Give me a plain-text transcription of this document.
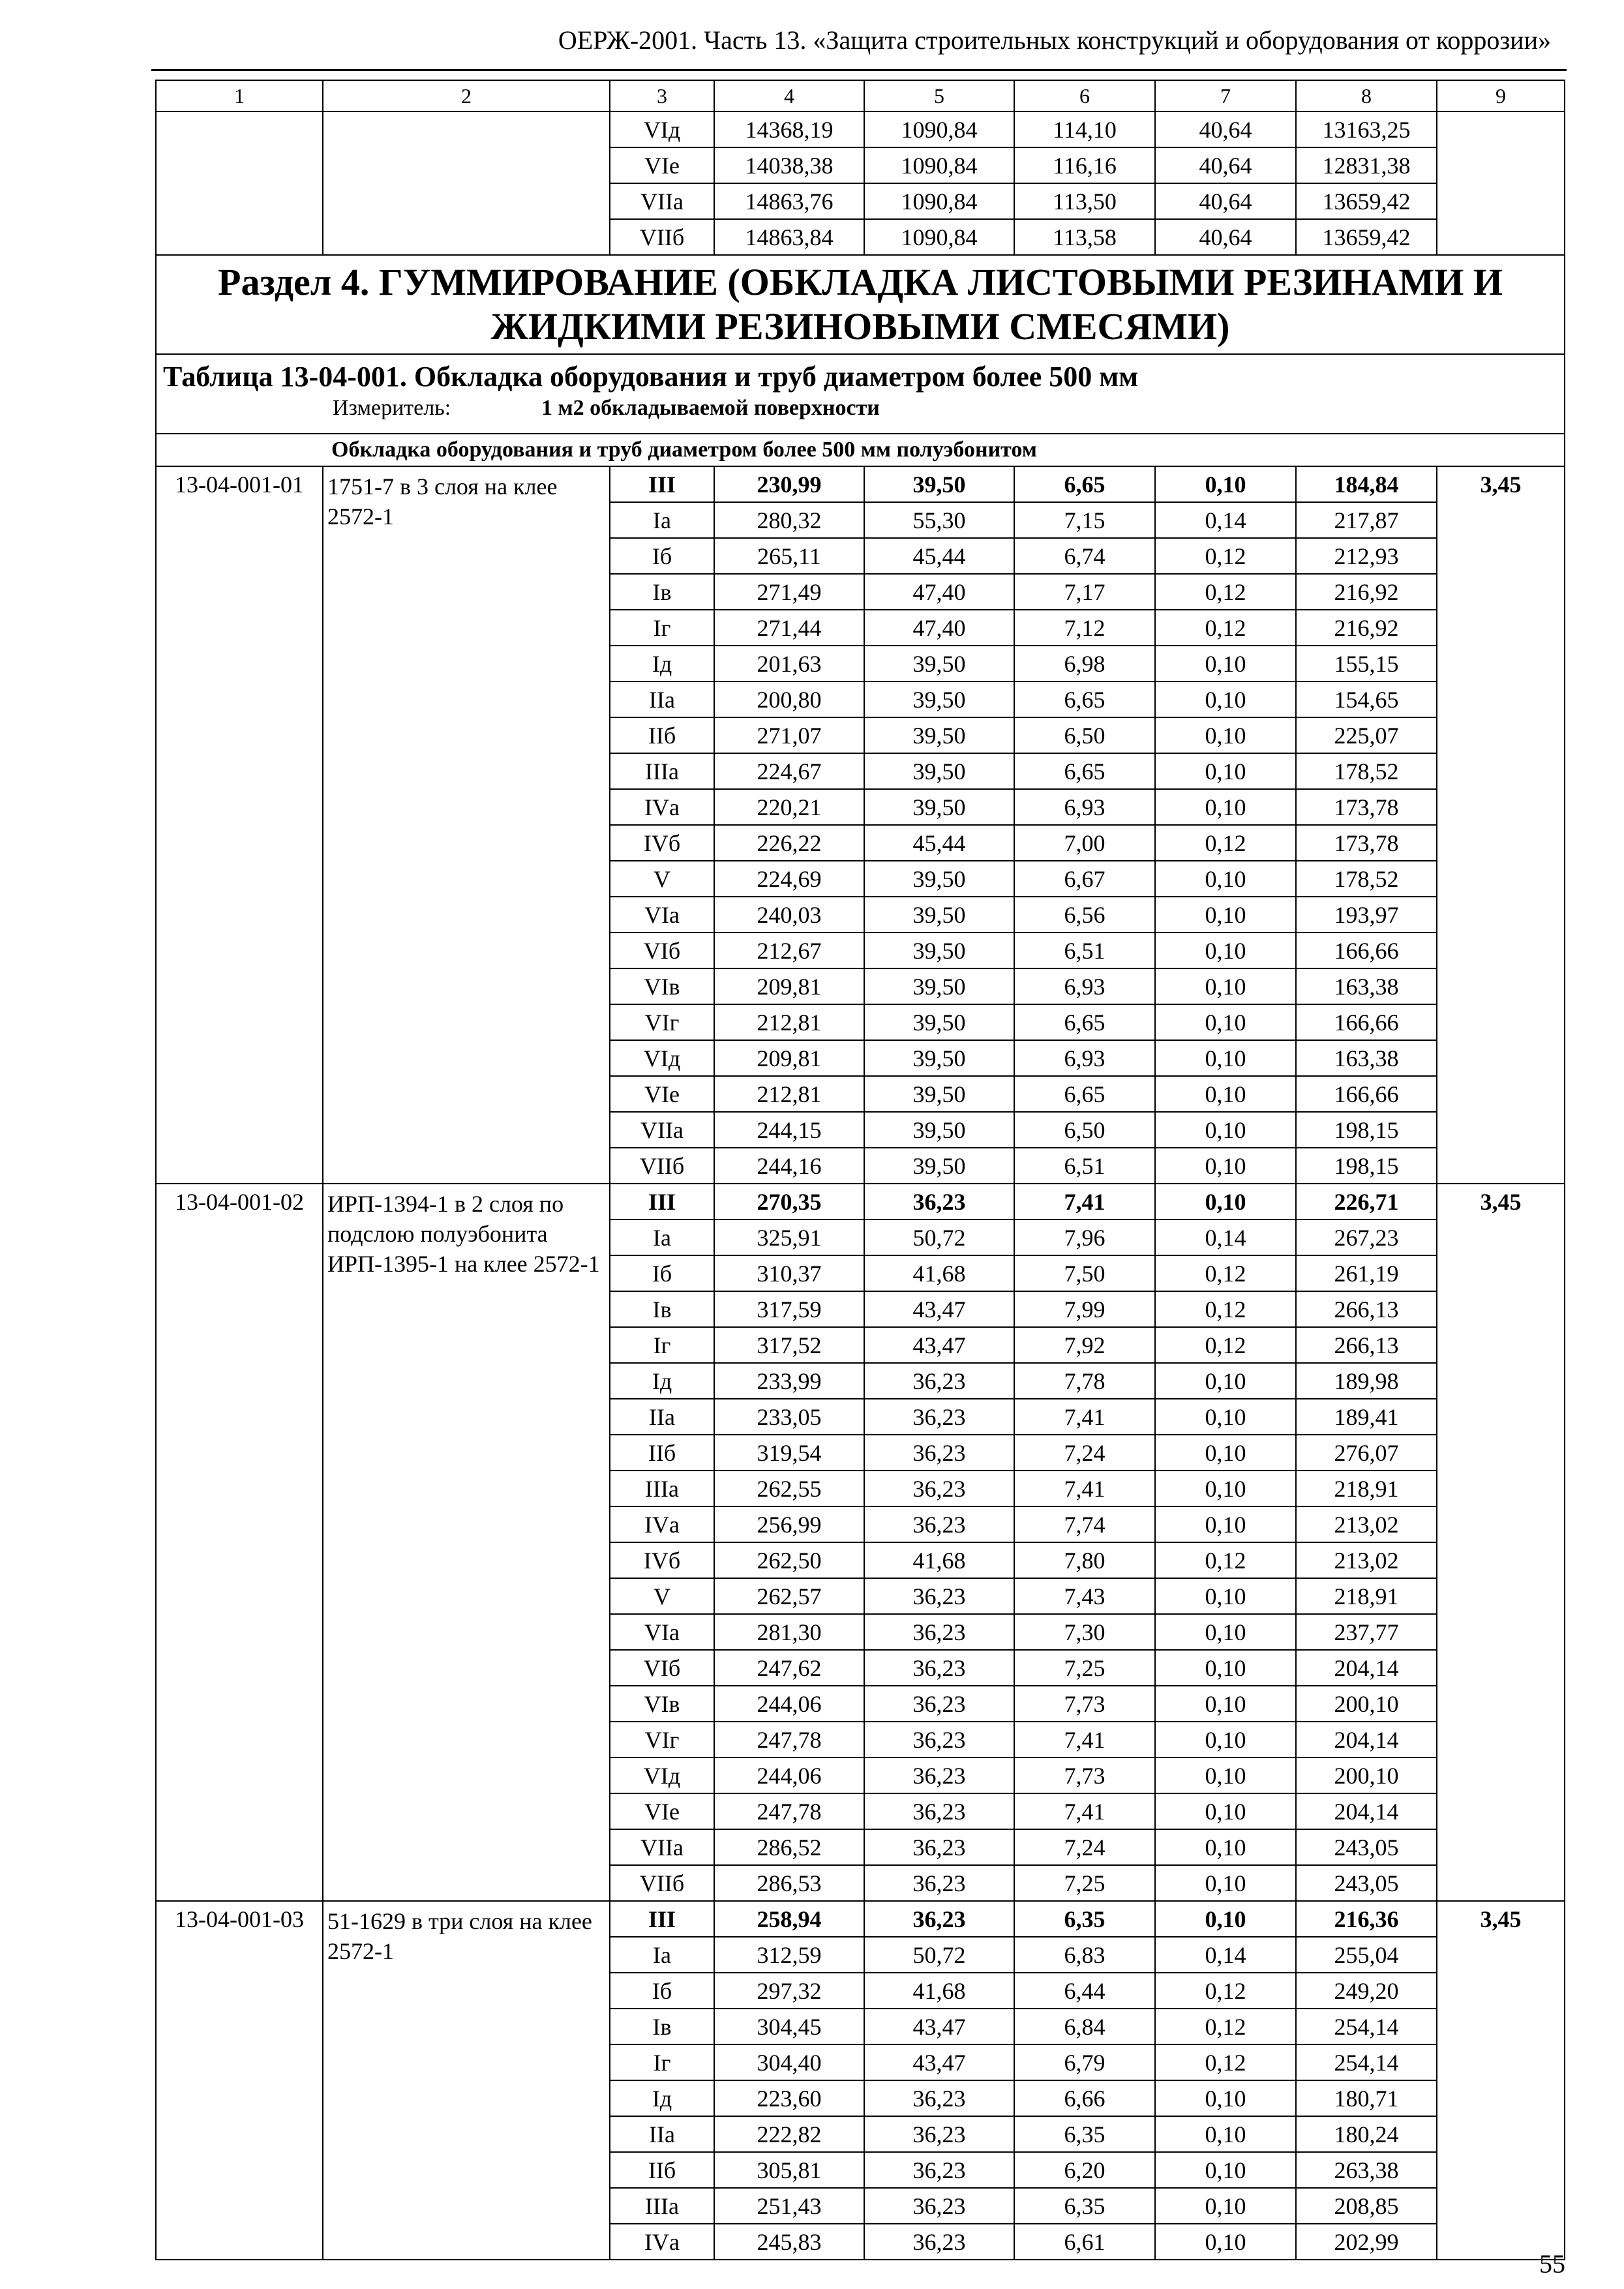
ОЕРЖ-2001. Часть 13. «Защита строительных конструкций и оборудования от коррозии»
1	2	3	4	5	6	7	8	9
		VIд	14368,19	1090,84	114,10	40,64	13163,25	
		VIе	14038,38	1090,84	116,16	40,64	12831,38	
		VIIа	14863,76	1090,84	113,50	40,64	13659,42	
		VIIб	14863,84	1090,84	113,58	40,64	13659,42	
Раздел 4. ГУММИРОВАНИЕ (ОБКЛАДКА ЛИСТОВЫМИ РЕЗИНАМИ И ЖИДКИМИ РЕЗИНОВЫМИ СМЕСЯМИ)								

Таблица 13-04-001. Обкладка оборудования и труб диаметром более 500 мм
Измеритель: 1 м2 обкладываемой поверхности								

Обкладка оборудования и труб диаметром более 500 мм полуэбонитом								
13-04-001-01	1751-7 в 3 слоя на клее 2572-1	III	230,99	39,50	6,65	0,10	184,84	3,45
		Iа	280,32	55,30	7,15	0,14	217,87	
		Iб	265,11	45,44	6,74	0,12	212,93	
		Iв	271,49	47,40	7,17	0,12	216,92	
		Iг	271,44	47,40	7,12	0,12	216,92	
		Iд	201,63	39,50	6,98	0,10	155,15	
		IIа	200,80	39,50	6,65	0,10	154,65	
		IIб	271,07	39,50	6,50	0,10	225,07	
		IIIа	224,67	39,50	6,65	0,10	178,52	
		IVа	220,21	39,50	6,93	0,10	173,78	
		IVб	226,22	45,44	7,00	0,12	173,78	
		V	224,69	39,50	6,67	0,10	178,52	
		VIа	240,03	39,50	6,56	0,10	193,97	
		VIб	212,67	39,50	6,51	0,10	166,66	
		VIв	209,81	39,50	6,93	0,10	163,38	
		VIг	212,81	39,50	6,65	0,10	166,66	
		VIд	209,81	39,50	6,93	0,10	163,38	
		VIе	212,81	39,50	6,65	0,10	166,66	
		VIIа	244,15	39,50	6,50	0,10	198,15	
		VIIб	244,16	39,50	6,51	0,10	198,15	
13-04-001-02	ИРП-1394-1 в 2 слоя по подслою полуэбонита ИРП-1395-1 на клее 2572-1	III	270,35	36,23	7,41	0,10	226,71	3,45
		Iа	325,91	50,72	7,96	0,14	267,23	
		Iб	310,37	41,68	7,50	0,12	261,19	
		Iв	317,59	43,47	7,99	0,12	266,13	
		Iг	317,52	43,47	7,92	0,12	266,13	
		Iд	233,99	36,23	7,78	0,10	189,98	
		IIа	233,05	36,23	7,41	0,10	189,41	
		IIб	319,54	36,23	7,24	0,10	276,07	
		IIIа	262,55	36,23	7,41	0,10	218,91	
		IVа	256,99	36,23	7,74	0,10	213,02	
		IVб	262,50	41,68	7,80	0,12	213,02	
		V	262,57	36,23	7,43	0,10	218,91	
		VIа	281,30	36,23	7,30	0,10	237,77	
		VIб	247,62	36,23	7,25	0,10	204,14	
		VIв	244,06	36,23	7,73	0,10	200,10	
		VIг	247,78	36,23	7,41	0,10	204,14	
		VIд	244,06	36,23	7,73	0,10	200,10	
		VIе	247,78	36,23	7,41	0,10	204,14	
		VIIа	286,52	36,23	7,24	0,10	243,05	
		VIIб	286,53	36,23	7,25	0,10	243,05	
13-04-001-03	51-1629 в три слоя на клее 2572-1	III	258,94	36,23	6,35	0,10	216,36	3,45
		Iа	312,59	50,72	6,83	0,14	255,04	
		Iб	297,32	41,68	6,44	0,12	249,20	
		Iв	304,45	43,47	6,84	0,12	254,14	
		Iг	304,40	43,47	6,79	0,12	254,14	
		Iд	223,60	36,23	6,66	0,10	180,71	
		IIа	222,82	36,23	6,35	0,10	180,24	
		IIб	305,81	36,23	6,20	0,10	263,38	
		IIIа	251,43	36,23	6,35	0,10	208,85	
		IVа	245,83	36,23	6,61	0,10	202,99	
55
